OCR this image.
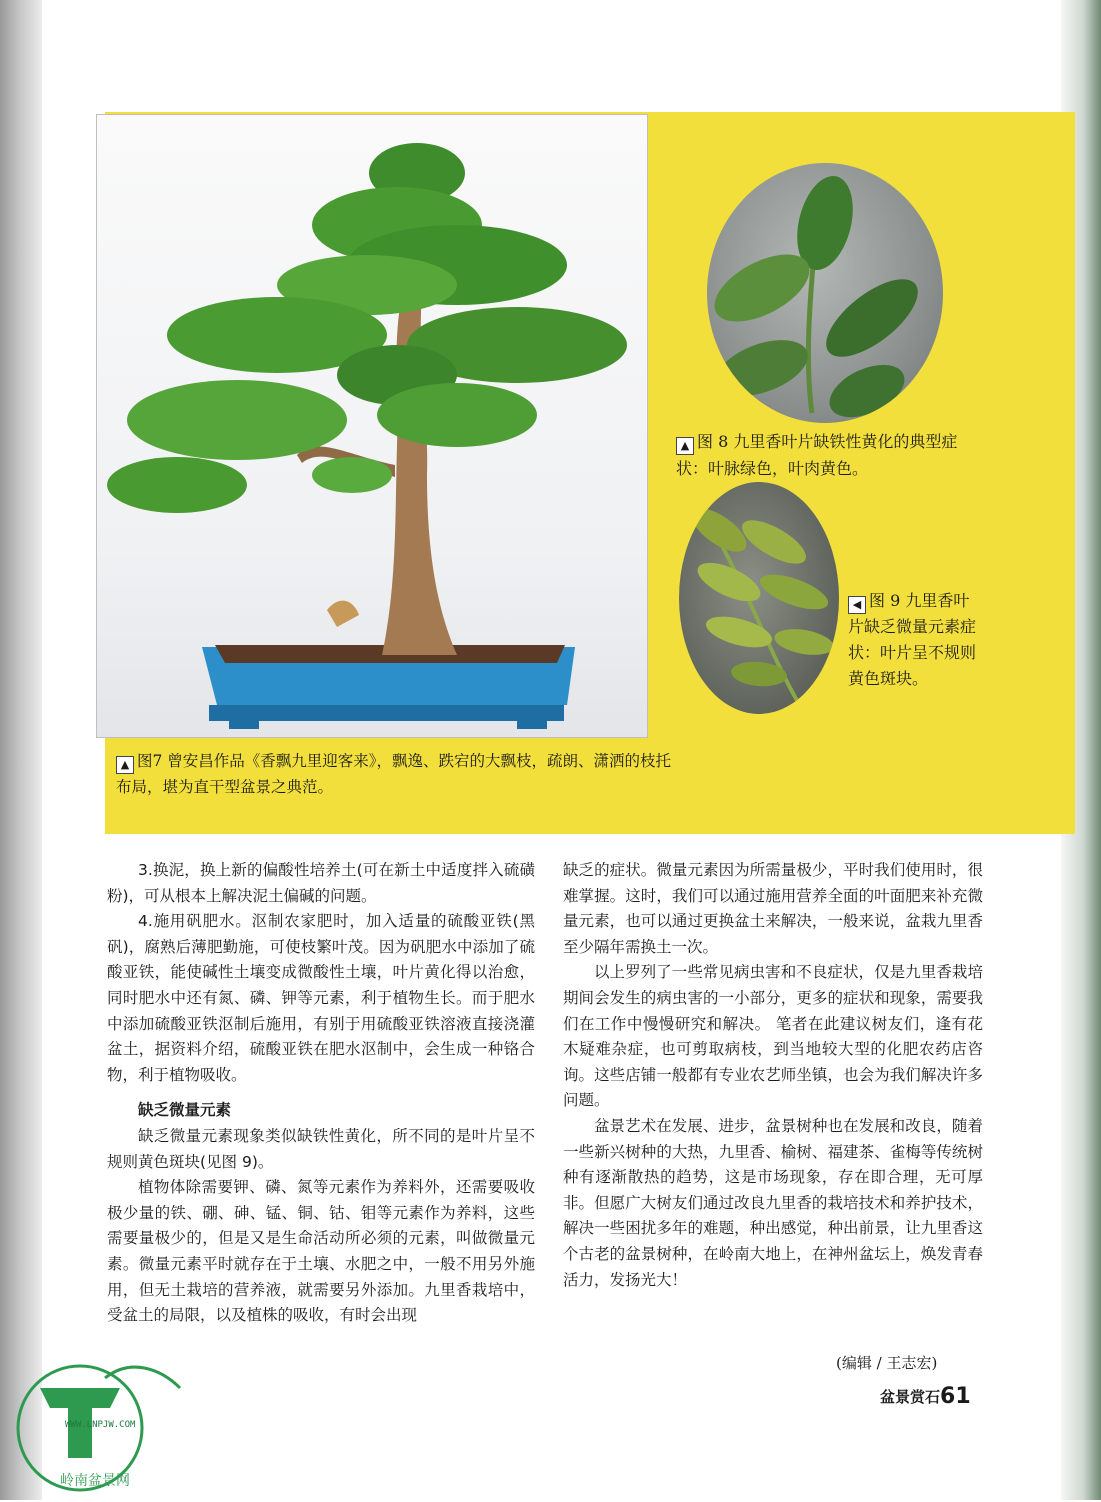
▲ 图7 曾安昌作品《香飘九里迎客来》，飘逸、跌宕的大飘枝，疏朗、潇洒的枝托布局，堪为直干型盆景之典范。
▲ 图 8 九里香叶片缺铁性黄化的典型症状：叶脉绿色，叶肉黄色。
◀ 图 9 九里香叶片缺乏微量元素症状：叶片呈不规则黄色斑块。

3.换泥，换上新的偏酸性培养土(可在新土中适度拌入硫磺粉)，可从根本上解决泥土偏碱的问题。

4.施用矾肥水。沤制农家肥时，加入适量的硫酸亚铁(黑矾)，腐熟后薄肥勤施，可使枝繁叶茂。因为矾肥水中添加了硫酸亚铁，能使碱性土壤变成微酸性土壤，叶片黄化得以治愈，同时肥水中还有氮、磷、钾等元素，利于植物生长。而于肥水中添加硫酸亚铁沤制后施用，有别于用硫酸亚铁溶液直接浇灌盆土，据资料介绍，硫酸亚铁在肥水沤制中，会生成一种铬合物，利于植物吸收。

缺乏微量元素

缺乏微量元素现象类似缺铁性黄化，所不同的是叶片呈不规则黄色斑块(见图 9)。

植物体除需要钾、磷、氮等元素作为养料外，还需要吸收极少量的铁、硼、砷、锰、铜、钴、钼等元素作为养料，这些需要量极少的，但是又是生命活动所必须的元素，叫做微量元素。微量元素平时就存在于土壤、水肥之中，一般不用另外施用，但无土栽培的营养液，就需要另外添加。九里香栽培中，受盆土的局限，以及植株的吸收，有时会出现

缺乏的症状。微量元素因为所需量极少，平时我们使用时，很难掌握。这时，我们可以通过施用营养全面的叶面肥来补充微量元素，也可以通过更换盆土来解决，一般来说，盆栽九里香至少隔年需换土一次。

以上罗列了一些常见病虫害和不良症状，仅是九里香栽培期间会发生的病虫害的一小部分，更多的症状和现象，需要我们在工作中慢慢研究和解决。 笔者在此建议树友们，逢有花木疑难杂症，也可剪取病枝，到当地较大型的化肥农药店咨询。这些店铺一般都有专业农艺师坐镇，也会为我们解决许多问题。

盆景艺术在发展、进步，盆景树种也在发展和改良，随着一些新兴树种的大热，九里香、榆树、福建茶、雀梅等传统树种有逐渐散热的趋势，这是市场现象，存在即合理，无可厚非。但愿广大树友们通过改良九里香的栽培技术和养护技术，解决一些困扰多年的难题，种出感觉，种出前景，让九里香这个古老的盆景树种，在岭南大地上，在神州盆坛上，焕发青春活力，发扬光大！

(编辑 / 王志宏)
盆景赏石61
WWW.LNPJW.COM
岭南盆景网
